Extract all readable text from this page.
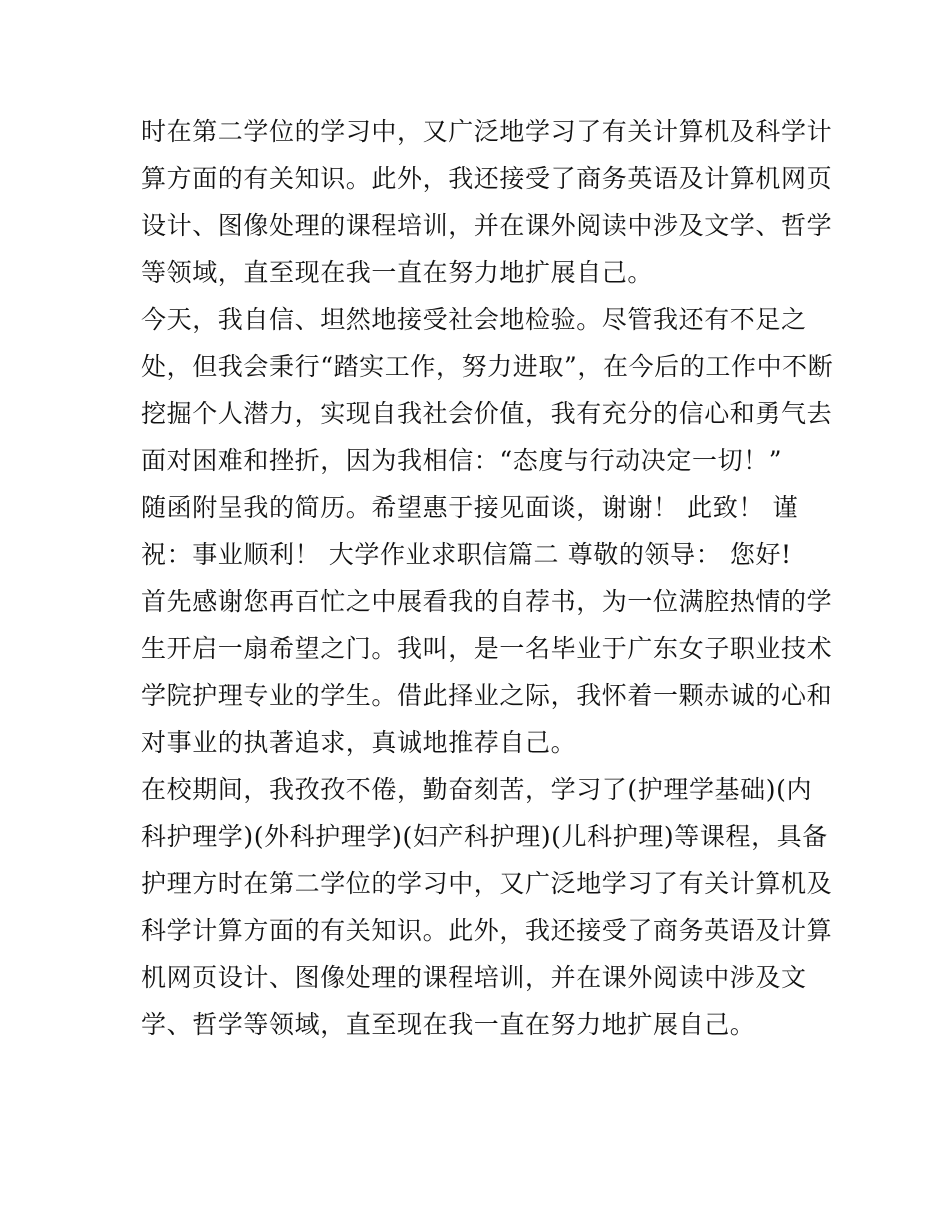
时在第二学位的学习中，又广泛地学习了有关计算机及科学计
算方面的有关知识。此外，我还接受了商务英语及计算机网页
设计、图像处理的课程培训，并在课外阅读中涉及文学、哲学
等领域，直至现在我一直在努力地扩展自己。
今天，我自信、坦然地接受社会地检验。尽管我还有不足之
处，但我会秉行“踏实工作，努力进取”，在今后的工作中不断
挖掘个人潜力，实现自我社会价值，我有充分的信心和勇气去
面对困难和挫折，因为我相信：“态度与行动决定一切！”
随函附呈我的简历。希望惠于接见面谈，谢谢！ 此致！ 谨
祝：事业顺利！ 大学作业求职信篇二 尊敬的领导： 您好!
首先感谢您再百忙之中展看我的自荐书，为一位满腔热情的学
生开启一扇希望之门。我叫，是一名毕业于广东女子职业技术
学院护理专业的学生。借此择业之际，我怀着一颗赤诚的心和
对事业的执著追求，真诚地推荐自己。
在校期间，我孜孜不倦，勤奋刻苦，学习了(护理学基础)(内
科护理学)(外科护理学)(妇产科护理)(儿科护理)等课程，具备
护理方时在第二学位的学习中，又广泛地学习了有关计算机及
科学计算方面的有关知识。此外，我还接受了商务英语及计算
机网页设计、图像处理的课程培训，并在课外阅读中涉及文
学、哲学等领域，直至现在我一直在努力地扩展自己。
